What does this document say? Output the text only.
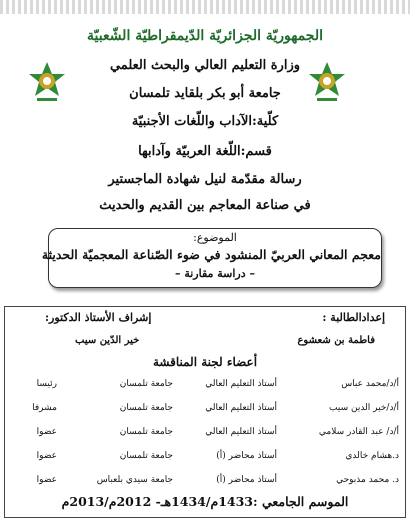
الجمهوريّة الجزائريّة الدّيمقراطيّة الشّعبيّة
وزارة التعليم العالي والبحث العلمي
جامعة أبو بكر بلقايد تلمسان
كلّية:الآداب واللّغات الأجنبيّة
قسم:اللّغة العربيّة وآدابها
رسالة مقدّمة لنيل شهادة الماجستير
في صناعة المعاجم بين القديم والحديث
الموضوع:
معجم المعاني العربيّ المنشود في ضوء الصّناعة المعجميّة الحديثة
– دراسة مقارنة –
إعدادالطالبة :
إشراف الأستاذ الدكتور:
فاطمة بن شعشوع
خير الدّين سيب
أعضاء لجنة المناقشة
أ/د/محمد عباس
أستاذ التعليم العالي
جامعة تلمسان
رئيسا
أ/د/خير الدين سيب
أستاذ التعليم العالي
جامعة تلمسان
مشرفا
أ/د/ عبد القادر سلامي
أستاذ التعليم العالي
جامعة تلمسان
عضوا
د.هشام خالدي
أستاذ محاضر (أ)
جامعة تلمسان
عضوا
د. محمد مذبوحي
أستاذ محاضر (أ)
جامعة سيدي بلعباس
عضوا
الموسم الجامعي :1433م/1434هـ- 2012م/2013م
